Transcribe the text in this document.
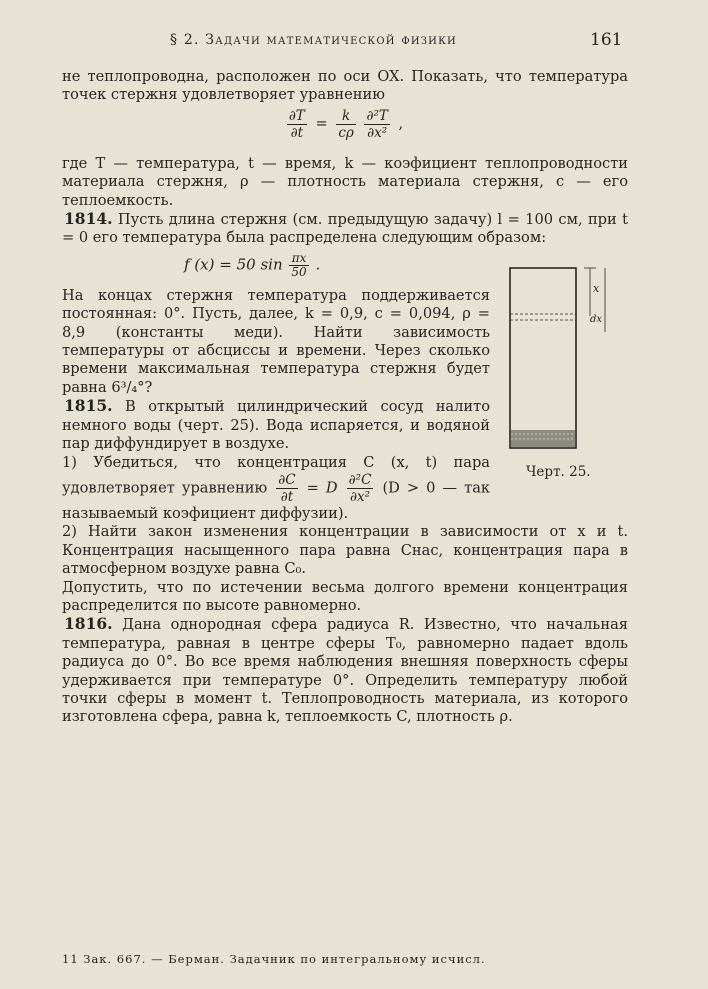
§ 2. Задачи математической физики	161

не теплопроводна, расположен по оси OX. Показать, что температура точек стержня удовлетворяет уравнению

$\frac{\partial T}{\partial t} = \frac{k}{c\rho}$
$\frac{\text{∂²T}}{\text{∂x²}}$ ,

где T — температура, t — время, k — коэфициент теплопроводности материала стержня, ρ — плотность материала стержня, c — его теплоемкость.

1814. Пусть длина стержня (см. предыдущую задачу) l = 100 см, при t = 0 его температура была распределена следующим образом:

f (x) = 50 $\sin \frac{\pi x}{50}$ .

На концах стержня температура поддерживается постоянная: 0°. Пусть, далее, k = 0,9, c = 0,094, ρ = 8,9 (константы меди). Найти зависимость температуры от абсциссы и времени. Через сколько времени максимальная температура стержня будет равна 6³/₄°?

1815. В открытый цилиндрический сосуд налито немного воды (черт. 25). Вода испаряется, и водяной пар диффундирует в воздухе.

1) Убедиться, что концентрация C (x, t) пара удовлетворяет уравнению $\frac{\partial C}{\partial t} = D \frac{\text{∂²C}}{\text{∂x²}} (D > 0$ — так называемый коэфициент диффузии).

2) Найти закон изменения концентрации в зависимости от x и t. Концентрация насыщенного пара равна Cнас, концентрация пара в атмосферном воздухе равна C₀.

Допустить, что по истечении весьма долгого времени концентрация распределится по высоте равномерно.

1816. Дана однородная сфера радиуса R. Известно, что начальная температура, равная в центре сферы T₀, равномерно падает вдоль радиуса до 0°. Во все время наблюдения внешняя поверхность сферы удерживается при температуре 0°. Определить температуру любой точки сферы в момент t. Теплопроводность материала, из которого изготовлена сфера, равна k, теплоемкость C, плотность ρ.

x
dx
Черт. 25.
11 Зак. 667. — Берман. Задачник по интегральному исчисл.
